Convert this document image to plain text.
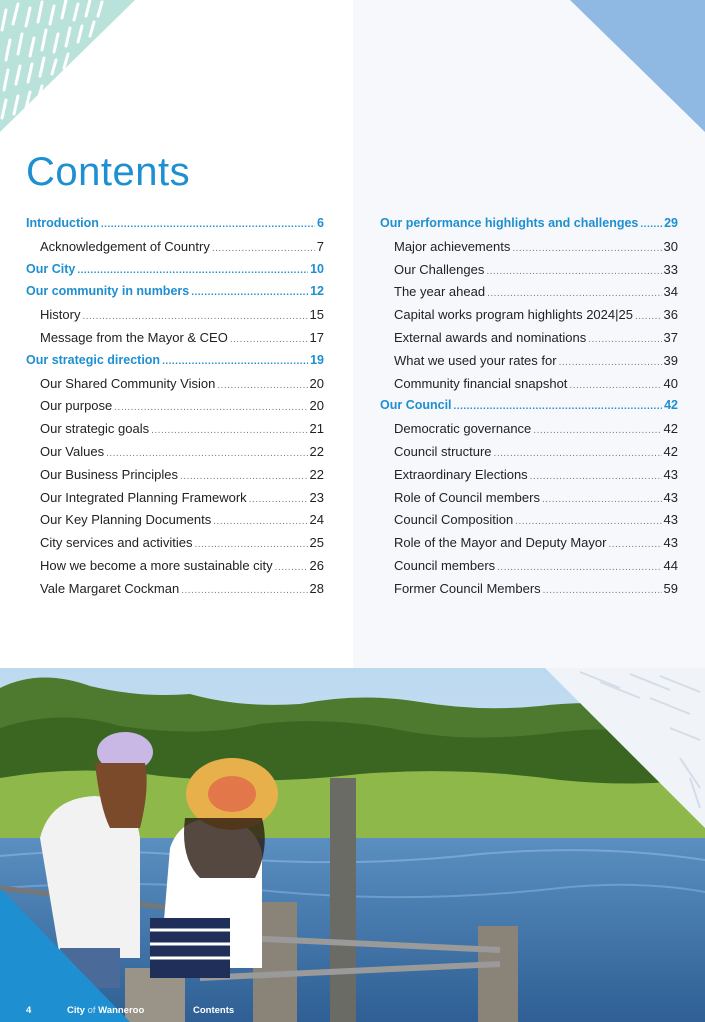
Contents
Introduction .....	6
Acknowledgement of Country .....	7
Our City .....	10
Our community in numbers .....	12
History .....	15
Message from the Mayor & CEO .....	17
Our strategic direction .....	19
Our Shared Community Vision .....	20
Our purpose .....	20
Our strategic goals .....	21
Our Values .....	22
Our Business Principles .....	22
Our Integrated Planning Framework .....	23
Our Key Planning Documents .....	24
City services and activities .....	25
How we become a more sustainable city .....	26
Vale Margaret Cockman .....	28
Our performance highlights and challenges ..... 29
Major achievements .....	30
Our Challenges .....	33
The year ahead .....	34
Capital works program highlights 2024|25 ..... 36
External awards and nominations .....	37
What we used your rates for .....	39
Community financial snapshot .....	40
Our Council .....	42
Democratic governance .....	42
Council structure .....	42
Extraordinary Elections .....	43
Role of Council members .....	43
Council Composition .....	43
Role of the Mayor and Deputy Mayor .....	43
Council members .....	44
Former Council Members .....	59
4	City of Wanneroo	Contents
